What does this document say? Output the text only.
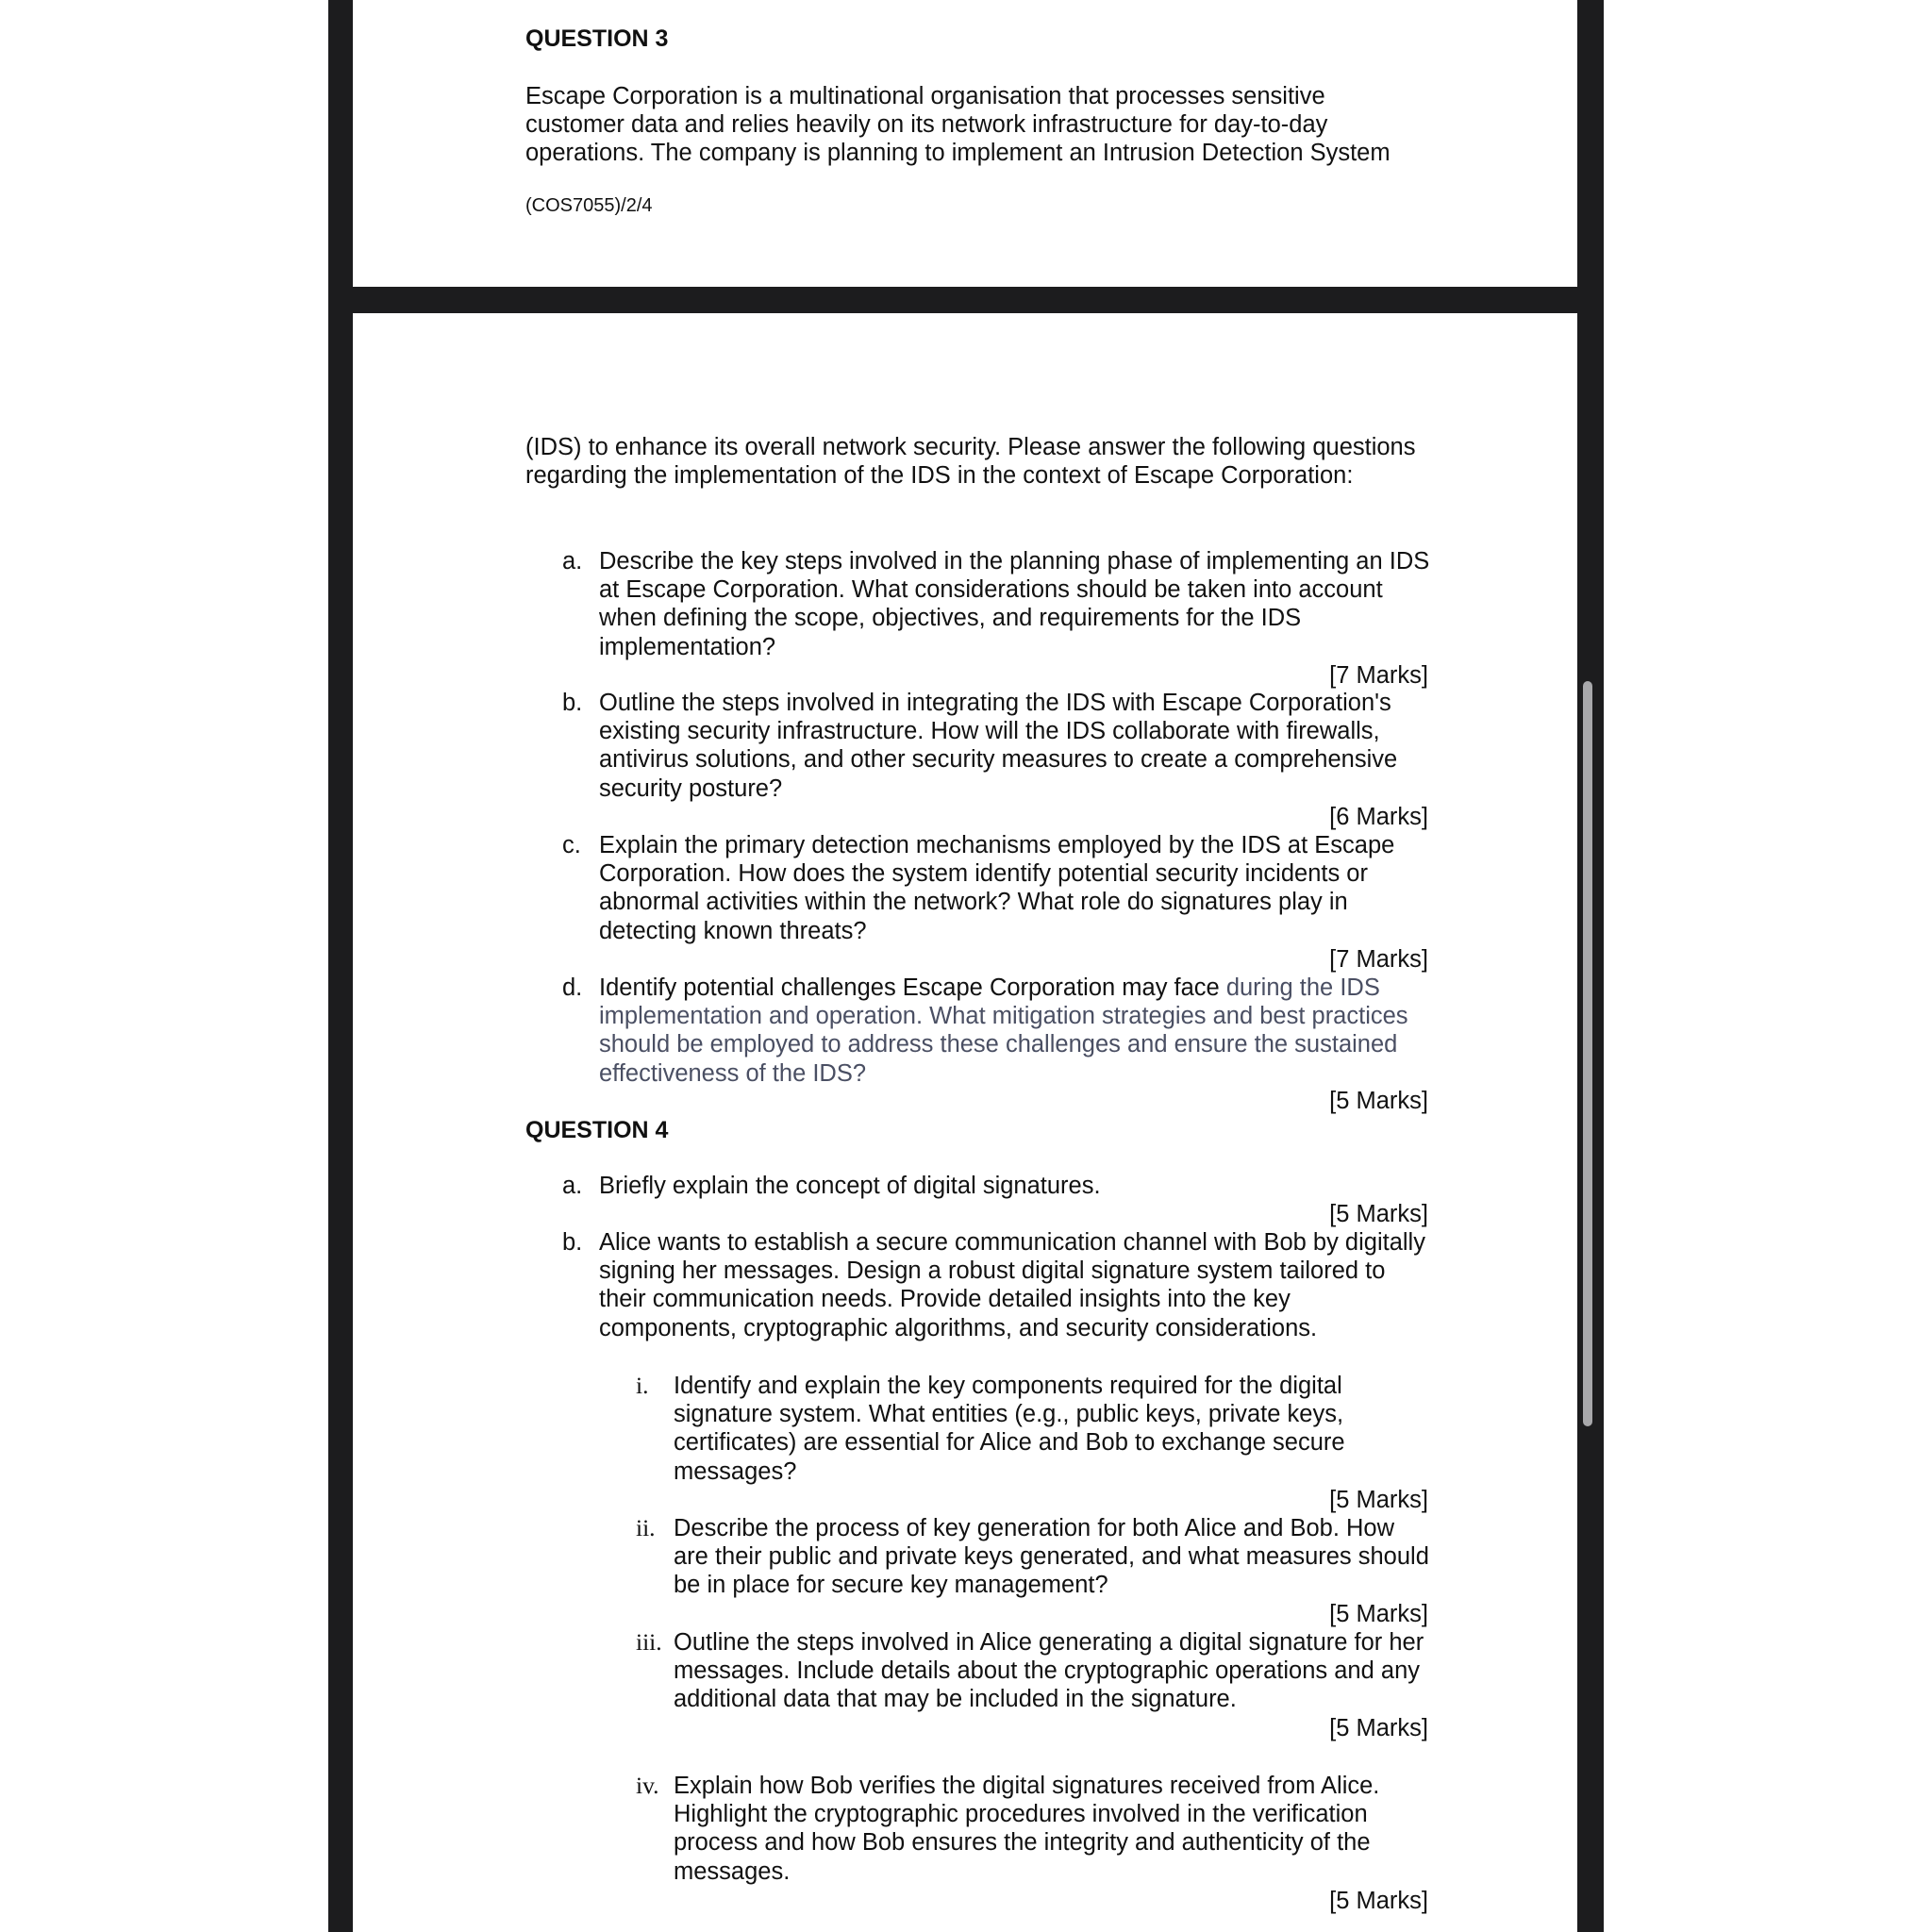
QUESTION 3
Escape Corporation is a multinational organisation that processes sensitive
customer data and relies heavily on its network infrastructure for day-to-day
operations. The company is planning to implement an Intrusion Detection System
(COS7055)/2/4
(IDS) to enhance its overall network security. Please answer the following questions
regarding the implementation of the IDS in the context of Escape Corporation:
a. Describe the key steps involved in the planning phase of implementing an IDS
at Escape Corporation. What considerations should be taken into account
when defining the scope, objectives, and requirements for the IDS
implementation?
[7 Marks]
b. Outline the steps involved in integrating the IDS with Escape Corporation's
existing security infrastructure. How will the IDS collaborate with firewalls,
antivirus solutions, and other security measures to create a comprehensive
security posture?
[6 Marks]
c. Explain the primary detection mechanisms employed by the IDS at Escape
Corporation. How does the system identify potential security incidents or
abnormal activities within the network? What role do signatures play in
detecting known threats?
[7 Marks]
d. Identify potential challenges Escape Corporation may face during the IDS
implementation and operation. What mitigation strategies and best practices
should be employed to address these challenges and ensure the sustained
effectiveness of the IDS?
[5 Marks]
QUESTION 4
a. Briefly explain the concept of digital signatures.
[5 Marks]
b. Alice wants to establish a secure communication channel with Bob by digitally
signing her messages. Design a robust digital signature system tailored to
their communication needs. Provide detailed insights into the key
components, cryptographic algorithms, and security considerations.
i. Identify and explain the key components required for the digital
signature system. What entities (e.g., public keys, private keys,
certificates) are essential for Alice and Bob to exchange secure
messages?
[5 Marks]
ii. Describe the process of key generation for both Alice and Bob. How
are their public and private keys generated, and what measures should
be in place for secure key management?
[5 Marks]
iii. Outline the steps involved in Alice generating a digital signature for her
messages. Include details about the cryptographic operations and any
additional data that may be included in the signature.
[5 Marks]
iv. Explain how Bob verifies the digital signatures received from Alice.
Highlight the cryptographic procedures involved in the verification
process and how Bob ensures the integrity and authenticity of the
messages.
[5 Marks]
